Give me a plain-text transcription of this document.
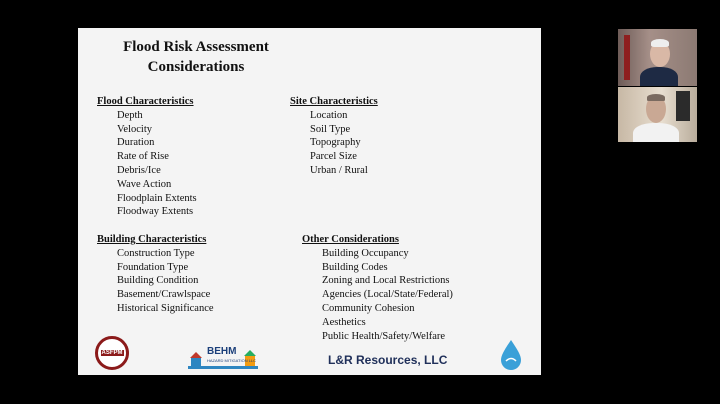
Flood Risk Assessment
Considerations
Flood Characteristics
Depth
Velocity
Duration
Rate of Rise
Debris/Ice
Wave Action
Floodplain Extents
Floodway Extents
Site Characteristics
Location
Soil Type
Topography
Parcel Size
Urban / Rural
Building Characteristics
Construction Type
Foundation Type
Building Condition
Basement/Crawlspace
Historical Significance
Other Considerations
Building Occupancy
Building Codes
Zoning and Local Restrictions
Agencies (Local/State/Federal)
Community Cohesion
Aesthetics
Public Health/Safety/Welfare
ASFPM	BEHM
HAZARD MITIGATION LLC	L&R Resources, LLC
